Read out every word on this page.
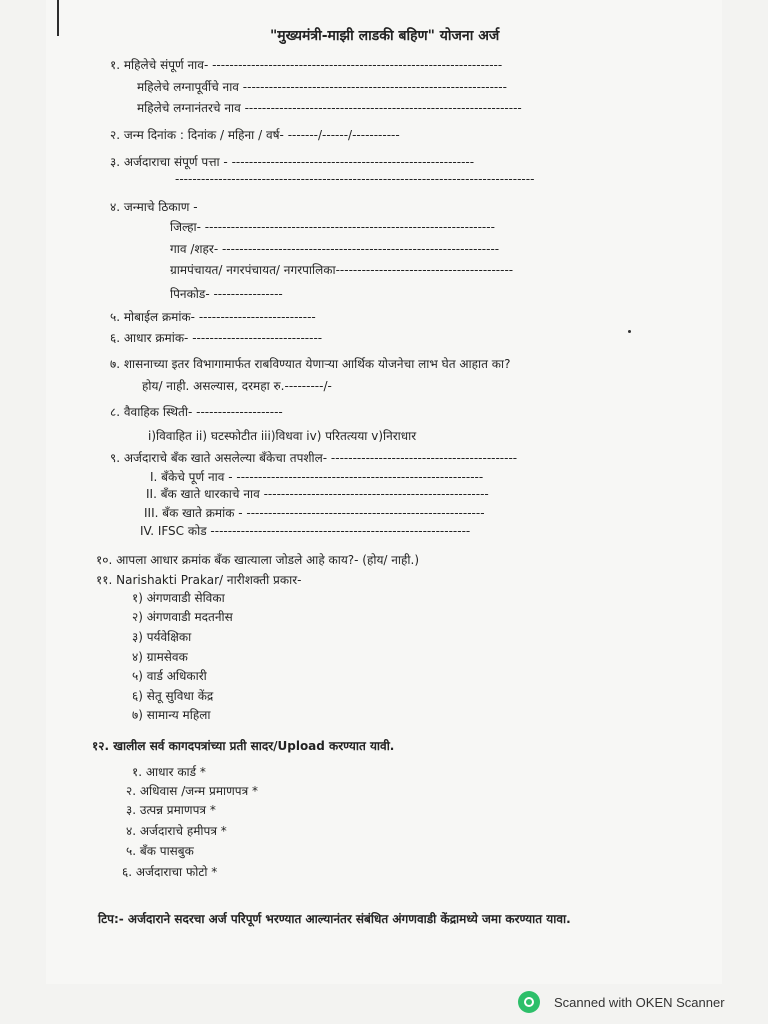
"मुख्यमंत्री-माझी लाडकी बहिण" योजना अर्ज
१. महिलेचे संपूर्ण नाव- -------------------------------------------------------------------
महिलेचे लग्नापूर्वीचे नाव -------------------------------------------------------------
महिलेचे लग्नानंतरचे नाव ----------------------------------------------------------------
२. जन्म दिनांक : दिनांक / महिना / वर्ष- -------/------/-----------
३. अर्जदाराचा संपूर्ण पत्ता - --------------------------------------------------------
-----------------------------------------------------------------------------------
४. जन्माचे ठिकाण -
जिल्हा- -------------------------------------------------------------------
गाव /शहर- ----------------------------------------------------------------
ग्रामपंचायत/ नगरपंचायत/ नगरपालिका-----------------------------------------
पिनकोड- ----------------
५. मोबाईल क्रमांक- ---------------------------
६. आधार क्रमांक- ------------------------------
७. शासनाच्या इतर विभागामार्फत राबविण्यात येणाऱ्या आर्थिक योजनेचा लाभ घेत आहात का?
होय/ नाही. असल्यास, दरमहा रु.---------/-
८. वैवाहिक स्थिती- --------------------
i)विवाहित ii) घटस्फोटीत iii)विधवा iv) परितत्यया v)निराधार
९. अर्जदाराचे बँक खाते असलेल्या बँकेचा तपशील- -------------------------------------------
I. बँकेचे पूर्ण नाव - ---------------------------------------------------------
II. बँक खाते धारकाचे नाव ----------------------------------------------------
III. बँक खाते क्रमांक - -------------------------------------------------------
IV. IFSC कोड ------------------------------------------------------------
१०. आपला आधार क्रमांक बँक खात्याला जोडले आहे काय?- (होय/ नाही.)
११. Narishakti Prakar/ नारीशक्ती प्रकार-
१) अंगणवाडी सेविका
२) अंगणवाडी मदतनीस
३) पर्यवेक्षिका
४) ग्रामसेवक
५) वार्ड अधिकारी
६) सेतू सुविधा केंद्र
७) सामान्य महिला
१२. खालील सर्व कागदपत्रांच्या प्रती सादर/Upload करण्यात यावी.
१. आधार कार्ड *
२. अधिवास /जन्म प्रमाणपत्र *
३. उत्पन्न प्रमाणपत्र *
४. अर्जदाराचे हमीपत्र *
५. बँक पासबुक
६. अर्जदाराचा फोटो *
टिप:- अर्जदाराने सदरचा अर्ज परिपूर्ण भरण्यात आल्यानंतर संबंधित अंगणवाडी केंद्रामध्ये जमा करण्यात यावा.
Scanned with OKEN Scanner
